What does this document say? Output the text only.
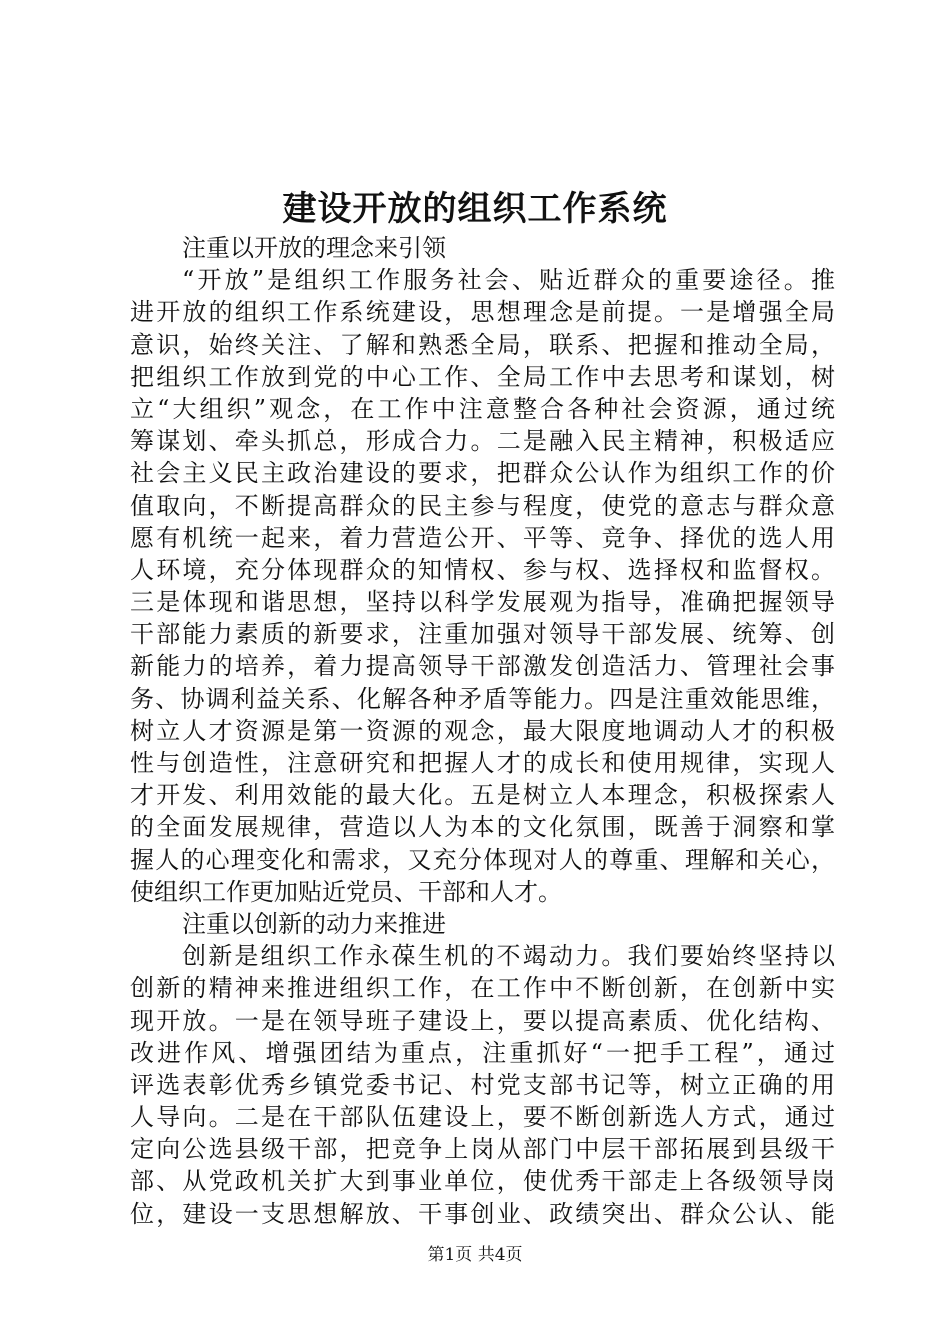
建设开放的组织工作系统
注重以开放的理念来引领
“开放”是组织工作服务社会、贴近群众的重要途径。推
进开放的组织工作系统建设，思想理念是前提。一是增强全局
意识，始终关注、了解和熟悉全局，联系、把握和推动全局，
把组织工作放到党的中心工作、全局工作中去思考和谋划，树
立“大组织”观念，在工作中注意整合各种社会资源，通过统
筹谋划、牵头抓总，形成合力。二是融入民主精神，积极适应
社会主义民主政治建设的要求，把群众公认作为组织工作的价
值取向，不断提高群众的民主参与程度，使党的意志与群众意
愿有机统一起来，着力营造公开、平等、竞争、择优的选人用
人环境，充分体现群众的知情权、参与权、选择权和监督权。
三是体现和谐思想，坚持以科学发展观为指导，准确把握领导
干部能力素质的新要求，注重加强对领导干部发展、统筹、创
新能力的培养，着力提高领导干部激发创造活力、管理社会事
务、协调利益关系、化解各种矛盾等能力。四是注重效能思维，
树立人才资源是第一资源的观念，最大限度地调动人才的积极
性与创造性，注意研究和把握人才的成长和使用规律，实现人
才开发、利用效能的最大化。五是树立人本理念，积极探索人
的全面发展规律，营造以人为本的文化氛围，既善于洞察和掌
握人的心理变化和需求，又充分体现对人的尊重、理解和关心，
使组织工作更加贴近党员、干部和人才。
注重以创新的动力来推进
创新是组织工作永葆生机的不竭动力。我们要始终坚持以
创新的精神来推进组织工作，在工作中不断创新，在创新中实
现开放。一是在领导班子建设上，要以提高素质、优化结构、
改进作风、增强团结为重点，注重抓好“一把手工程”，通过
评选表彰优秀乡镇党委书记、村党支部书记等，树立正确的用
人导向。二是在干部队伍建设上，要不断创新选人方式，通过
定向公选县级干部，把竞争上岗从部门中层干部拓展到县级干
部、从党政机关扩大到事业单位，使优秀干部走上各级领导岗
位，建设一支思想解放、干事创业、政绩突出、群众公认、能
第1页 共4页
